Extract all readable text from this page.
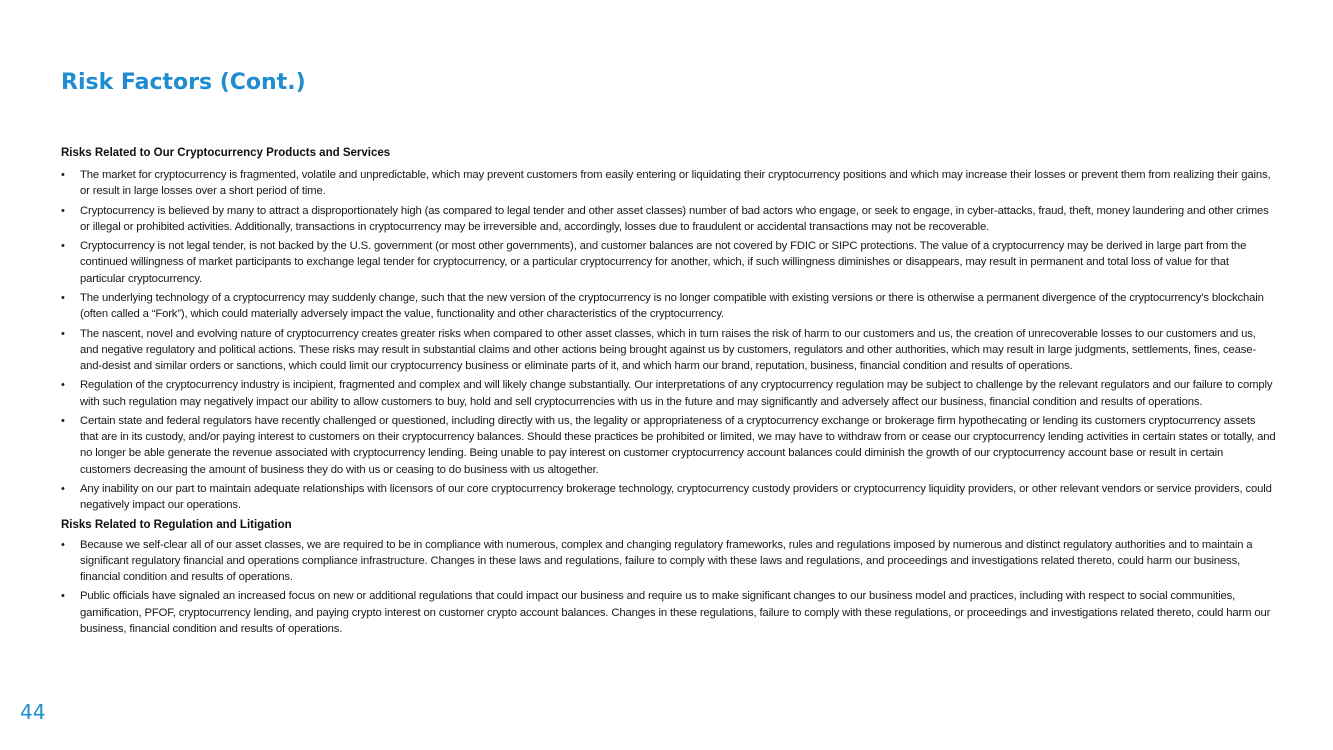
Risk Factors (Cont.)
Risks Related to Our Cryptocurrency Products and Services
• The market for cryptocurrency is fragmented, volatile and unpredictable, which may prevent customers from easily entering or liquidating their cryptocurrency positions and which may increase their losses or prevent them from realizing their gains, or result in large losses over a short period of time.
• Cryptocurrency is believed by many to attract a disproportionately high (as compared to legal tender and other asset classes) number of bad actors who engage, or seek to engage, in cyber-attacks, fraud, theft, money laundering and other crimes or illegal or prohibited activities. Additionally, transactions in cryptocurrency may be irreversible and, accordingly, losses due to fraudulent or accidental transactions may not be recoverable.
• Cryptocurrency is not legal tender, is not backed by the U.S. government (or most other governments), and customer balances are not covered by FDIC or SIPC protections. The value of a cryptocurrency may be derived in large part from the continued willingness of market participants to exchange legal tender for cryptocurrency, or a particular cryptocurrency for another, which, if such willingness diminishes or disappears, may result in permanent and total loss of value for that particular cryptocurrency.
• The underlying technology of a cryptocurrency may suddenly change, such that the new version of the cryptocurrency is no longer compatible with existing versions or there is otherwise a permanent divergence of the cryptocurrency’s blockchain (often called a “Fork”), which could materially adversely impact the value, functionality and other characteristics of the cryptocurrency.
• The nascent, novel and evolving nature of cryptocurrency creates greater risks when compared to other asset classes, which in turn raises the risk of harm to our customers and us, the creation of unrecoverable losses to our customers and us, and negative regulatory and political actions. These risks may result in substantial claims and other actions being brought against us by customers, regulators and other authorities, which may result in large judgments, settlements, fines, cease-and-desist and similar orders or sanctions, which could limit our cryptocurrency business or eliminate parts of it, and which harm our brand, reputation, business, financial condition and results of operations.
• Regulation of the cryptocurrency industry is incipient, fragmented and complex and will likely change substantially. Our interpretations of any cryptocurrency regulation may be subject to challenge by the relevant regulators and our failure to comply with such regulation may negatively impact our ability to allow customers to buy, hold and sell cryptocurrencies with us in the future and may significantly and adversely affect our business, financial condition and results of operations.
• Certain state and federal regulators have recently challenged or questioned, including directly with us, the legality or appropriateness of a cryptocurrency exchange or brokerage firm hypothecating or lending its customers cryptocurrency assets that are in its custody, and/or paying interest to customers on their cryptocurrency balances. Should these practices be prohibited or limited, we may have to withdraw from or cease our cryptocurrency lending activities in certain states or totally, and no longer be able generate the revenue associated with cryptocurrency lending. Being unable to pay interest on customer cryptocurrency account balances could diminish the growth of our cryptocurrency account base or result in certain customers decreasing the amount of business they do with us or ceasing to do business with us altogether.
• Any inability on our part to maintain adequate relationships with licensors of our core cryptocurrency brokerage technology, cryptocurrency custody providers or cryptocurrency liquidity providers, or other relevant vendors or service providers, could negatively impact our operations.
Risks Related to Regulation and Litigation
• Because we self-clear all of our asset classes, we are required to be in compliance with numerous, complex and changing regulatory frameworks, rules and regulations imposed by numerous and distinct regulatory authorities and to maintain a significant regulatory financial and operations compliance infrastructure. Changes in these laws and regulations, failure to comply with these laws and regulations, and proceedings and investigations related thereto, could harm our business, financial condition and results of operations.
• Public officials have signaled an increased focus on new or additional regulations that could impact our business and require us to make significant changes to our business model and practices, including with respect to social communities, gamification, PFOF, cryptocurrency lending, and paying crypto interest on customer crypto account balances. Changes in these regulations, failure to comply with these regulations, or proceedings and investigations related thereto, could harm our business, financial condition and results of operations.
44
